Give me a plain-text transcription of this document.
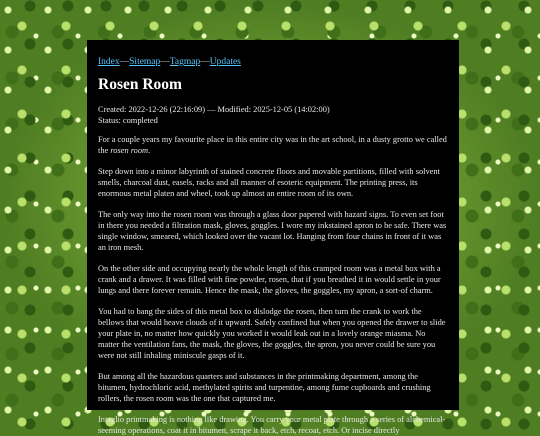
Index—Sitemap—Tagmap—Updates
Rosen Room
Created: 2022-12-26 (22:16:09) — Modified: 2025-12-05 (14:02:00)
Status: completed

For a couple years my favourite place in this entire city was in the art school, in a dusty grotto we called the rosen room.

Step down into a minor labyrinth of stained concrete floors and movable partitions, filled with solvent smells, charcoal dust, easels, racks and all manner of esoteric equipment. The printing press, its enormous metal platen and wheel, took up almost an entire room of its own.

The only way into the rosen room was through a glass door papered with hazard signs. To even set foot in there you needed a filtration mask, gloves, goggles. I wore my inkstained apron to be safe. There was single window, smeared, which looked over the vacant lot. Hanging from four chains in front of it was an iron mesh.

On the other side and occupying nearly the whole length of this cramped room was a metal box with a crank and a drawer. It was filled with fine powder, rosen, that if you breathed it in would settle in your lungs and there forever remain. Hence the mask, the gloves, the goggles, my apron, a sort-of charm.

You had to bang the sides of this metal box to dislodge the rosen, then turn the crank to work the bellows that would heave clouds of it upward. Safely confined but when you opened the drawer to slide your plate in, no matter how quickly you worked it would leak out in a lovely orange miasma. No matter the ventilation fans, the mask, the gloves, the goggles, the apron, you never could be sure you were not still inhaling miniscule gasps of it.

But among all the hazardous quarters and substances in the printmaking department, among the bitumen, hydrochloric acid, methylated spirits and turpentine, among fume cupboards and crushing rollers, the rosen room was the one that captured me.

Intaglio printmaking is nothing like drawing. You carry your metal plate through a series of alchemical-seeming operations, coat it in bitumen, scrape it back, etch, recoat, etch. Or incise directly
